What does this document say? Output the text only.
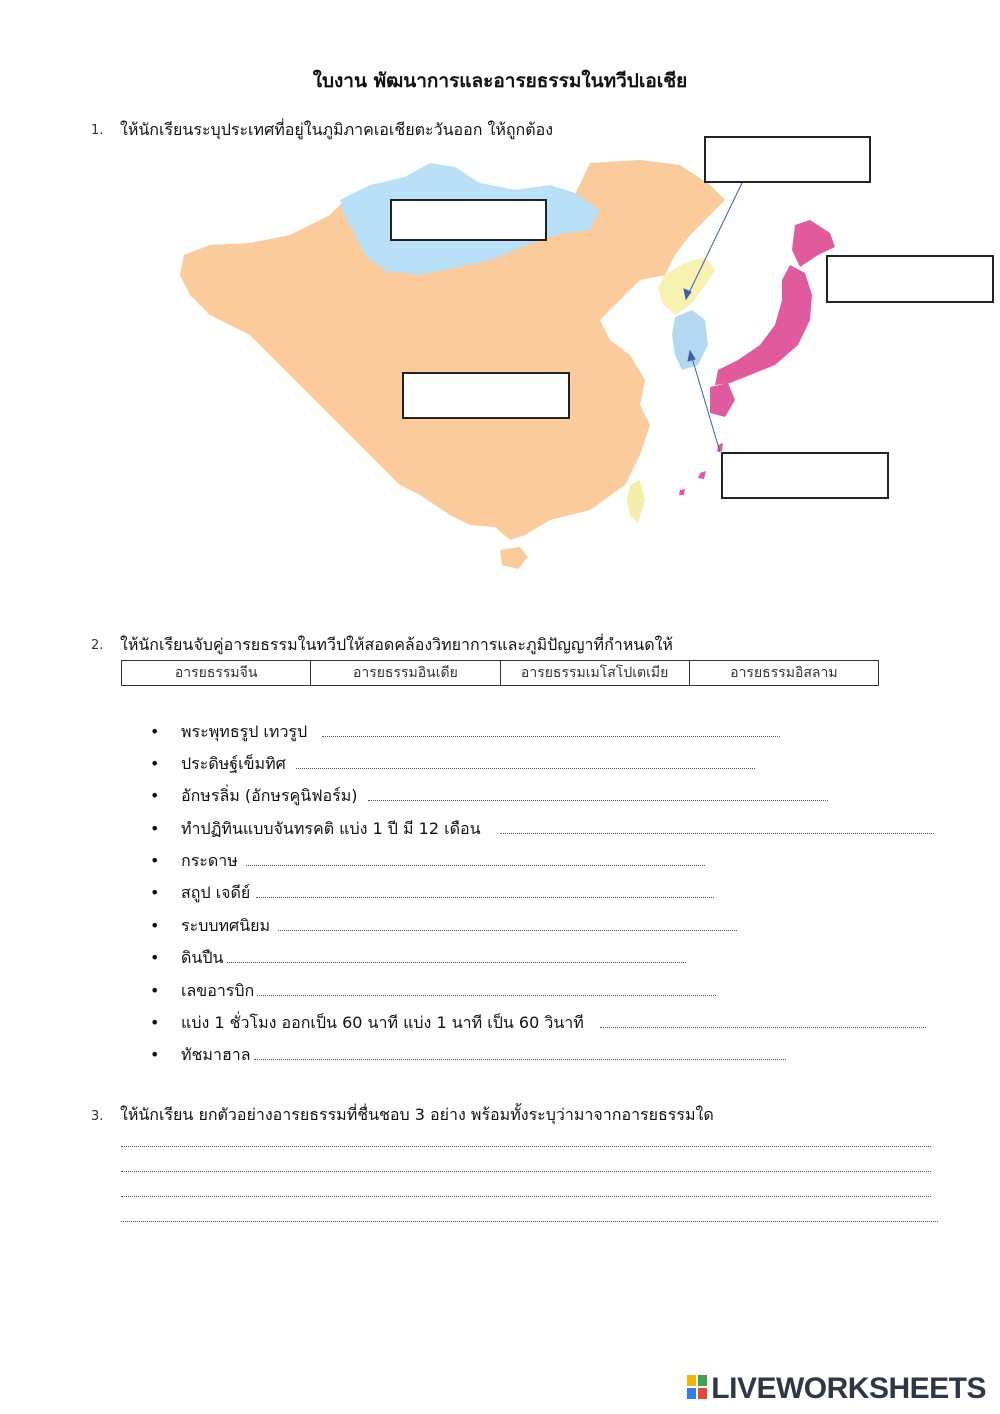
ใบงาน พัฒนาการและอารยธรรมในทวีปเอเชีย
1. ให้นักเรียนระบุประเทศที่อยู่ในภูมิภาคเอเชียตะวันออก ให้ถูกต้อง
2. ให้นักเรียนจับคู่อารยธรรมในทวีปให้สอดคล้องวิทยาการและภูมิปัญญาที่กำหนดให้
อารยธรรมจีน	อารยธรรมอินเดีย	อารยธรรมเมโสโปเตเมีย	อารยธรรมอิสลาม
• พระพุทธรูป เทวรูป
• ประดิษฐ์เข็มทิศ
• อักษรลิ่ม (อักษรคูนิฟอร์ม)
• ทำปฏิทินแบบจันทรคติ แบ่ง 1 ปี มี 12 เดือน
• กระดาษ
• สถูป เจดีย์
• ระบบทศนิยม
• ดินปืน
• เลขอารบิก
• แบ่ง 1 ชั่วโมง ออกเป็น 60 นาที แบ่ง 1 นาที เป็น 60 วินาที
• ทัชมาฮาล
3. ให้นักเรียน ยกตัวอย่างอารยธรรมที่ชื่นชอบ 3 อย่าง พร้อมทั้งระบุว่ามาจากอารยธรรมใด
LIVEWORKSHEETS
